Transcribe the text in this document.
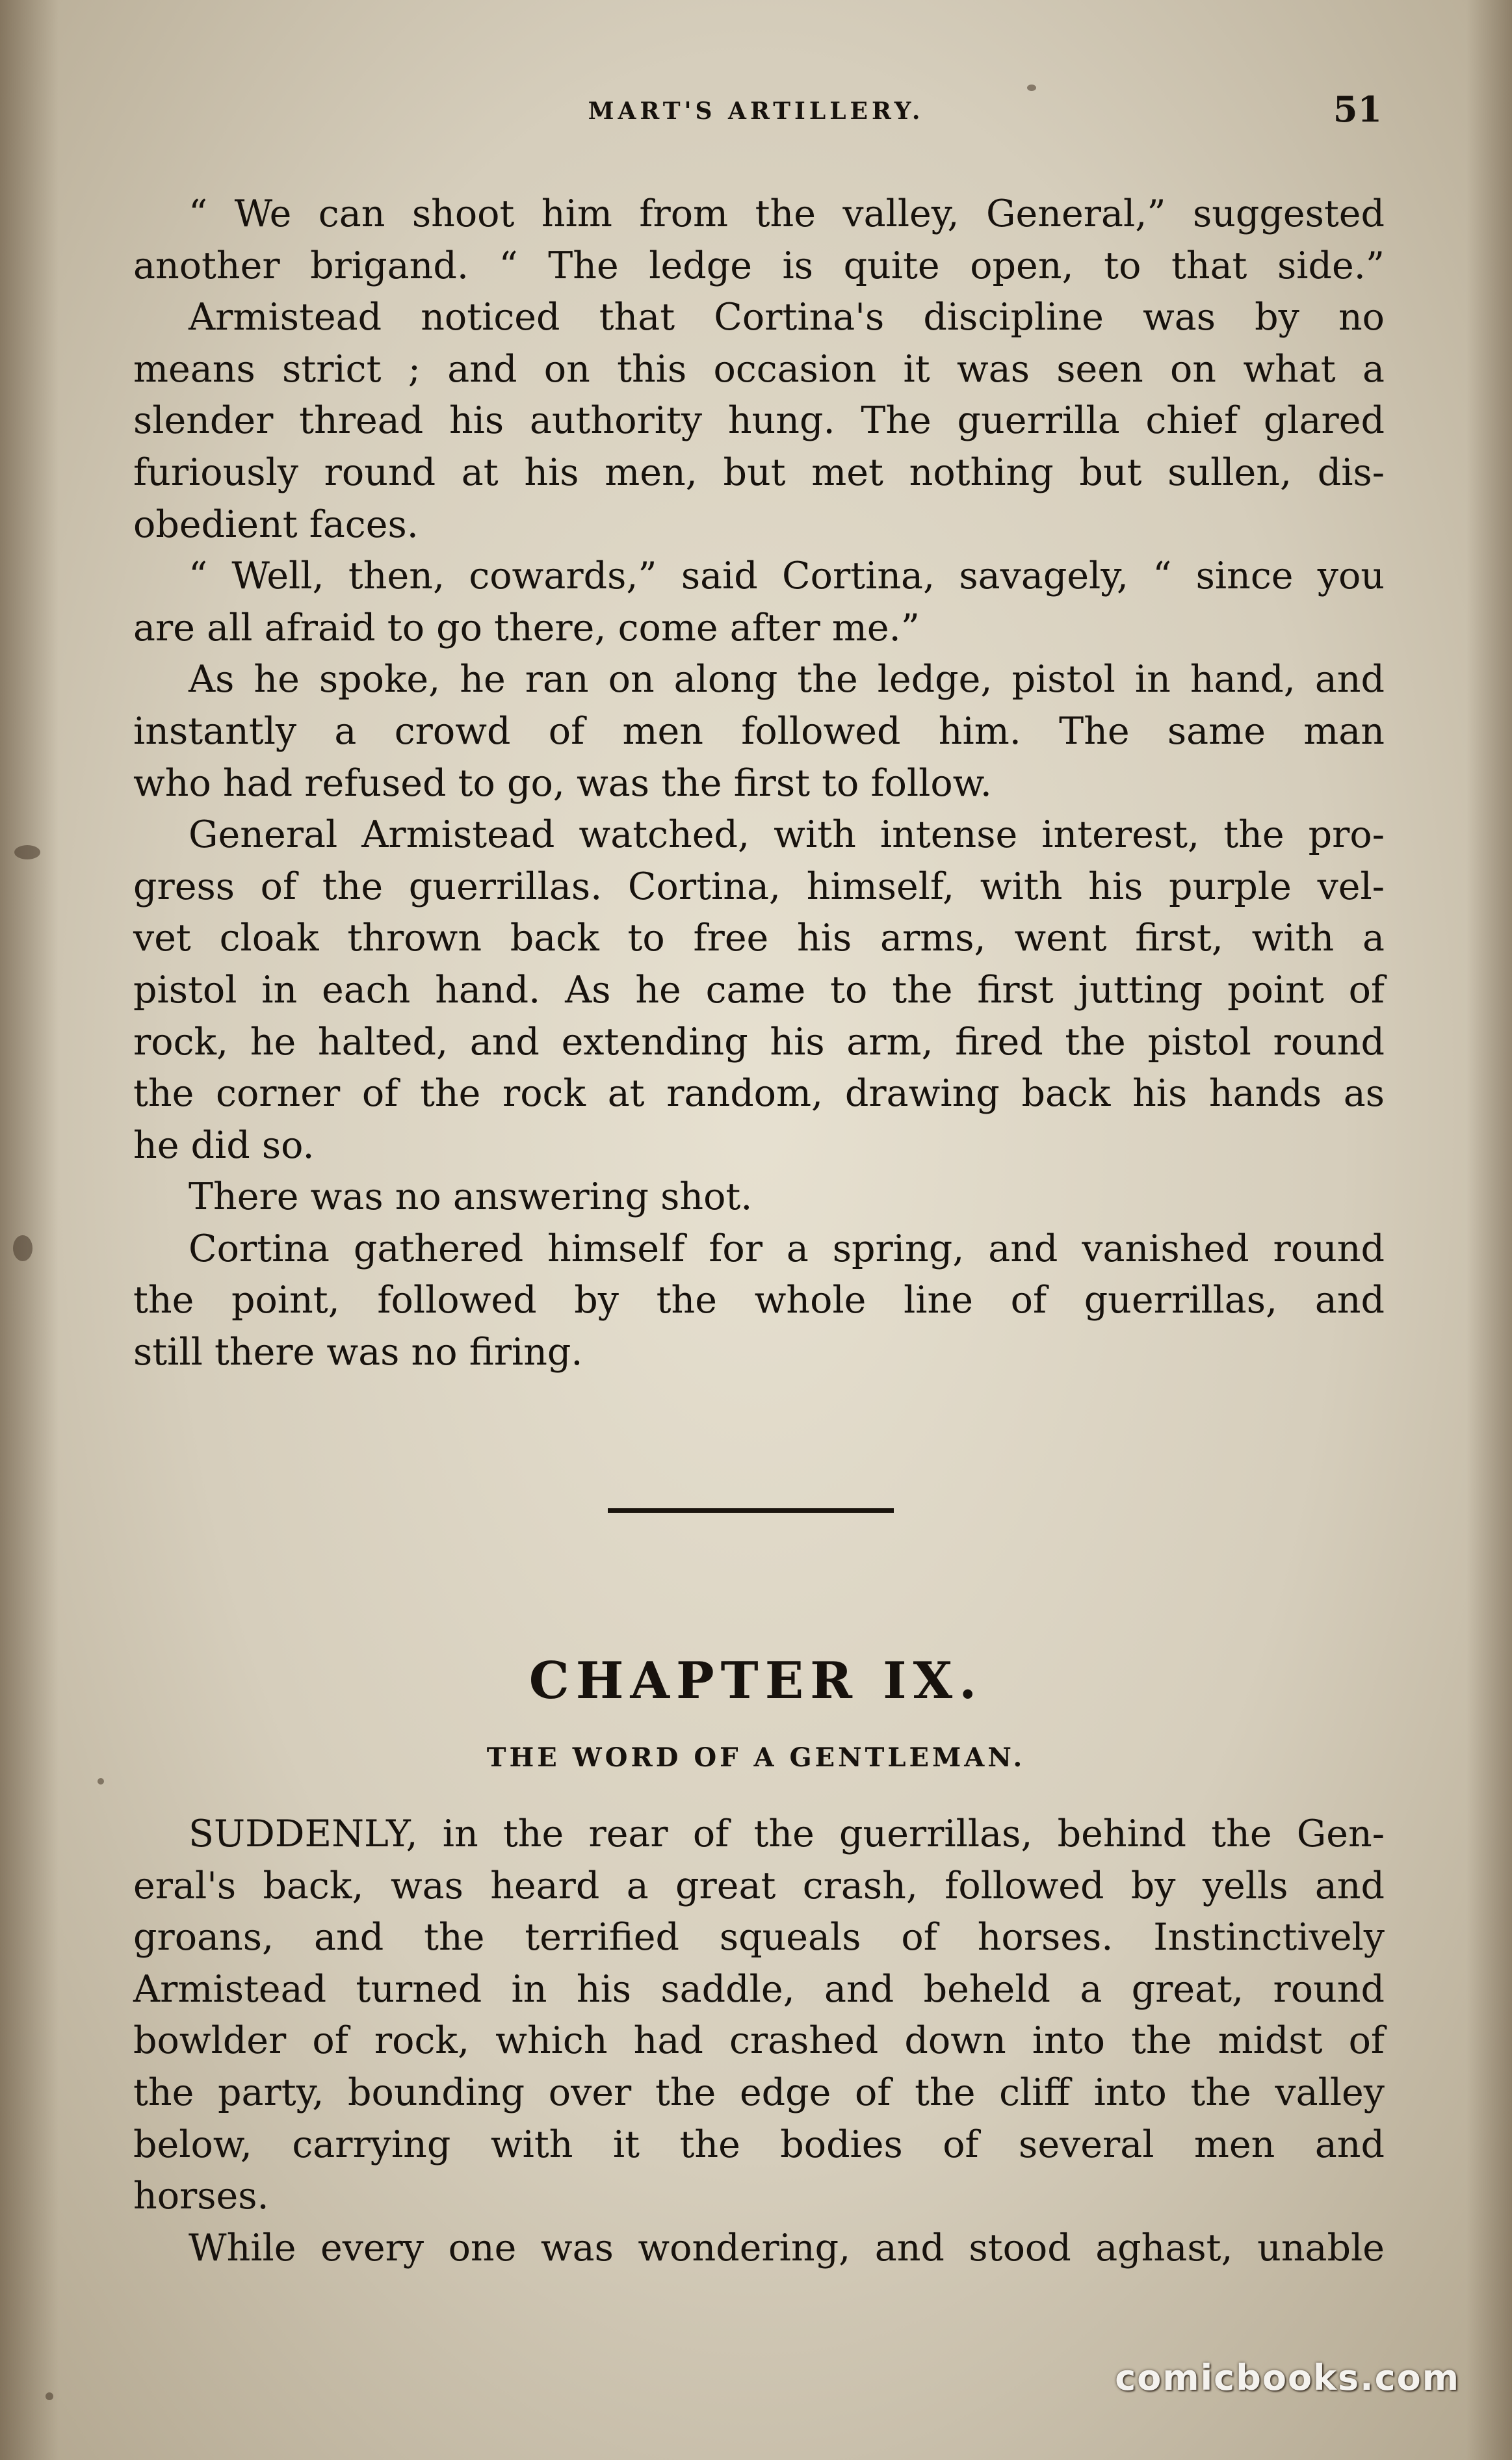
MART'S ARTILLERY.	51
“ We can shoot him from the valley, General,” suggested
another brigand. “ The ledge is quite open, to that side.”
Armistead noticed that Cortina's discipline was by no
means strict ; and on this occasion it was seen on what a
slender thread his authority hung. The guerrilla chief glared
furiously round at his men, but met nothing but sullen, dis-
obedient faces.
“ Well, then, cowards,” said Cortina, savagely, “ since you
are all afraid to go there, come after me.”
As he spoke, he ran on along the ledge, pistol in hand, and
instantly a crowd of men followed him. The same man
who had refused to go, was the first to follow.
General Armistead watched, with intense interest, the pro-
gress of the guerrillas. Cortina, himself, with his purple vel-
vet cloak thrown back to free his arms, went first, with a
pistol in each hand. As he came to the first jutting point of
rock, he halted, and extending his arm, fired the pistol round
the corner of the rock at random, drawing back his hands as
he did so.
There was no answering shot.
Cortina gathered himself for a spring, and vanished round
the point, followed by the whole line of guerrillas, and
still there was no firing.
CHAPTER IX.
THE WORD OF A GENTLEMAN.
SUDDENLY, in the rear of the guerrillas, behind the Gen-
eral's back, was heard a great crash, followed by yells and
groans, and the terrified squeals of horses. Instinctively
Armistead turned in his saddle, and beheld a great, round
bowlder of rock, which had crashed down into the midst of
the party, bounding over the edge of the cliff into the valley
below, carrying with it the bodies of several men and
horses.
While every one was wondering, and stood aghast, unable
comicbooks.com
